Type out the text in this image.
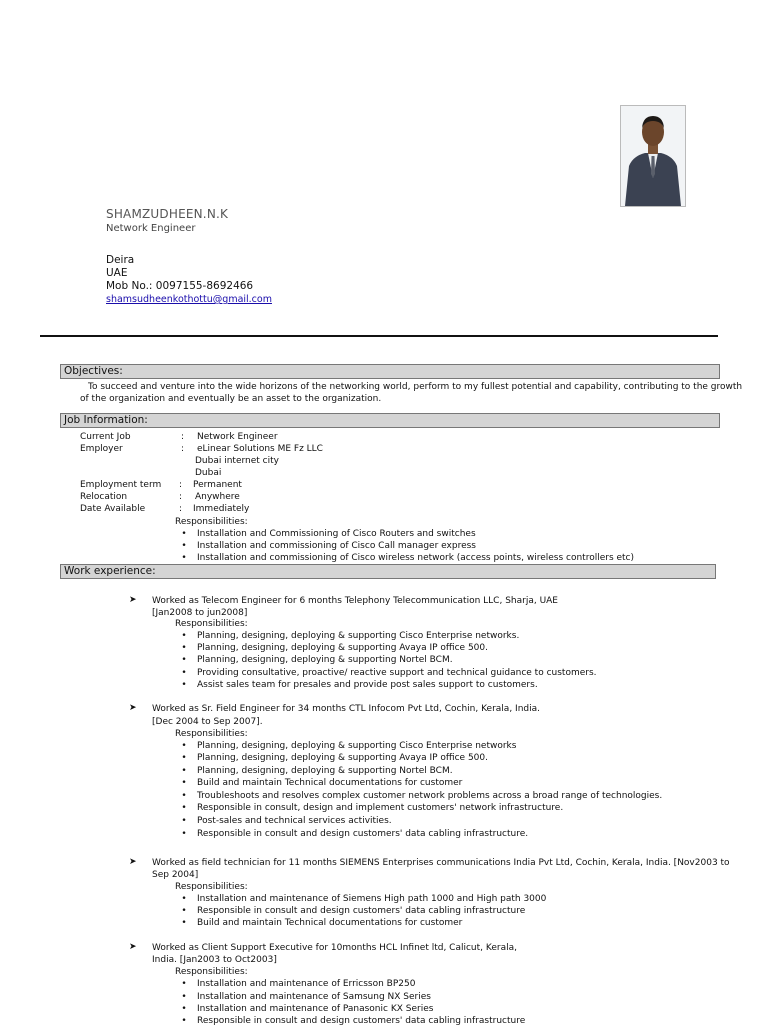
SHAMZUDHEEN.N.K
Network Engineer
Deira
UAE
Mob No.: 0097155-8692466
shamsudheenkothottu@gmail.com
Objectives:
To succeed and venture into the wide horizons of the networking world, perform to my fullest potential and capability, contributing to the growth
of the organization and eventually be an asset to the organization.
Job Information:
Current Job	: Network Engineer
Employer	: eLinear Solutions ME Fz LLC
Dubai internet city
Dubai
Employment term : Permanent
Relocation	: Anywhere
Date Available	: Immediately
Responsibilities:
• Installation and Commissioning of Cisco Routers and switches
• Installation and commissioning of Cisco Call manager express
• Installation and commissioning of Cisco wireless network (access points, wireless controllers etc)
Work experience:
➤ Worked as Telecom Engineer for 6 months Telephony Telecommunication LLC, Sharja, UAE
[Jan2008 to jun2008]
Responsibilities:
• Planning, designing, deploying & supporting Cisco Enterprise networks.
• Planning, designing, deploying & supporting Avaya IP office 500.
• Planning, designing, deploying & supporting Nortel BCM.
• Providing consultative, proactive/ reactive support and technical guidance to customers.
• Assist sales team for presales and provide post sales support to customers.
➤ Worked as Sr. Field Engineer for 34 months CTL Infocom Pvt Ltd, Cochin, Kerala, India.
[Dec 2004 to Sep 2007].
Responsibilities:
• Planning, designing, deploying & supporting Cisco Enterprise networks
• Planning, designing, deploying & supporting Avaya IP office 500.
• Planning, designing, deploying & supporting Nortel BCM.
• Build and maintain Technical documentations for customer
• Troubleshoots and resolves complex customer network problems across a broad range of technologies.
• Responsible in consult, design and implement customers' network infrastructure.
• Post-sales and technical services activities.
• Responsible in consult and design customers' data cabling infrastructure.
➤ Worked as field technician for 11 months SIEMENS Enterprises communications India Pvt Ltd, Cochin, Kerala, India. [Nov2003 to
Sep 2004]
Responsibilities:
• Installation and maintenance of Siemens High path 1000 and High path 3000
• Responsible in consult and design customers' data cabling infrastructure
• Build and maintain Technical documentations for customer
➤ Worked as Client Support Executive for 10months HCL Infinet ltd, Calicut, Kerala,
India. [Jan2003 to Oct2003]
Responsibilities:
• Installation and maintenance of Erricsson BP250
• Installation and maintenance of Samsung NX Series
• Installation and maintenance of Panasonic KX Series
• Responsible in consult and design customers' data cabling infrastructure
